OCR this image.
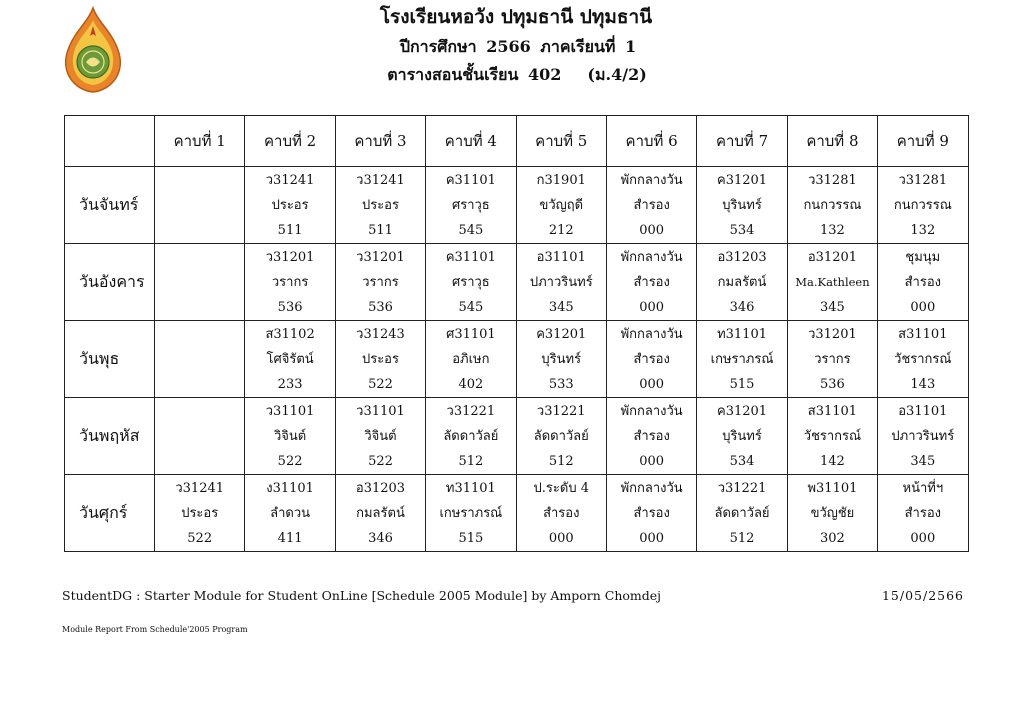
โรงเรียนหอวัง ปทุมธานี ปทุมธานี
ปีการศึกษา 2566 ภาคเรียนที่ 1
ตารางสอนชั้นเรียน 402 (ม.4/2)
	คาบที่ 1	คาบที่ 2	คาบที่ 3	คาบที่ 4	คาบที่ 5	คาบที่ 6	คาบที่ 7	คาบที่ 8	คาบที่ 9
วันจันทร์		ว31241
ประอร
511	ว31241
ประอร
511	ค31101
ศราวุธ
545	ก31901
ขวัญฤดี
212	พักกลางวัน
สำรอง
000	ค31201
บุรินทร์
534	ว31281
กนกวรรณ
132	ว31281
กนกวรรณ
132

วันอังคาร		ว31201
วรากร
536	ว31201
วรากร
536	ค31101
ศราวุธ
545	อ31101
ปภาวรินทร์
345	พักกลางวัน
สำรอง
000	อ31203
กมลรัตน์
346	อ31201
Ma.Kathleen
345	ชุมนุม
สำรอง
000

วันพุธ		ส31102
โศจิรัตน์
233	ว31243
ประอร
522	ศ31101
อภิเษก
402	ค31201
บุรินทร์
533	พักกลางวัน
สำรอง
000	ท31101
เกษราภรณ์
515	ว31201
วรากร
536	ส31101
วัชรากรณ์
143

วันพฤหัส		ว31101
วิจินต์
522	ว31101
วิจินต์
522	ว31221
ลัดดาวัลย์
512	ว31221
ลัดดาวัลย์
512	พักกลางวัน
สำรอง
000	ค31201
บุรินทร์
534	ส31101
วัชรากรณ์
142	อ31101
ปภาวรินทร์
345

วันศุกร์	ว31241
ประอร
522	ง31101
ลำดวน
411	อ31203
กมลรัตน์
346	ท31101
เกษราภรณ์
515	ป.ระดับ 4
สำรอง
000	พักกลางวัน
สำรอง
000	ว31221
ลัดดาวัลย์
512	พ31101
ขวัญชัย
302	หน้าที่ฯ
สำรอง
000
StudentDG : Starter Module for Student OnLine [Schedule 2005 Module] by Amporn Chomdej	15/05/2566
Module Report From Schedule'2005 Program
